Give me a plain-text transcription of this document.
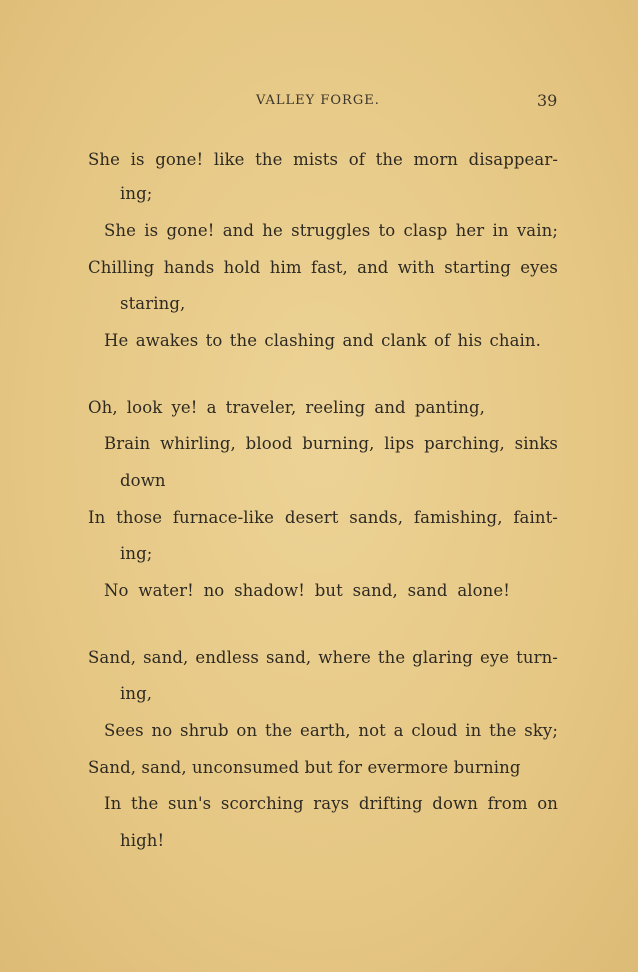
VALLEY FORGE.	39
She is gone! like the mists of the morn disappear-
ing;
She is gone! and he struggles to clasp her in vain;
Chilling hands hold him fast, and with starting eyes
staring,
He awakes to the clashing and clank of his chain.
Oh, look ye! a traveler, reeling and panting,
Brain whirling, blood burning, lips parching, sinks
down
In those furnace-like desert sands, famishing, faint-
ing;
No water! no shadow! but sand, sand alone!
Sand, sand, endless sand, where the glaring eye turn-
ing,
Sees no shrub on the earth, not a cloud in the sky;
Sand, sand, unconsumed but for evermore burning
In the sun's scorching rays drifting down from on
high!
